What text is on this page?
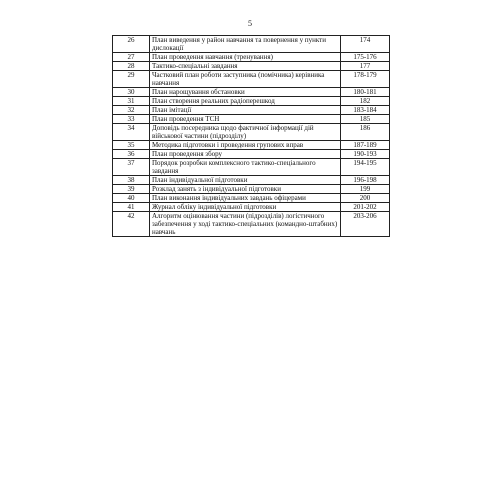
5
26	План виведення у район навчання та повернення у пункти дислокації	174
27	План проведення навчання (тренування)	175-176
28	Тактико-спеціальні завдання	177
29	Частковий план роботи заступника (помічника) керівника навчання	178-179
30	План нарощування обстановки	180-181
31	План створення реальних радіоперешкод	182
32	План імітації	183-184
33	План проведення ТСН	185
34	Доповідь посередника щодо фактичної інформації дій військової частини (підрозділу)	186
35	Методика підготовки і проведення групових вправ	187-189
36	План проведення збору	190-193
37	Порядок розробки комплексного тактико-спеціального завдання	194-195
38	План індивідуальної підготовки	196-198
39	Розклад занять з індивідуальної підготовки	199
40	План виконання індивідуальних завдань офіцерами	200
41	Журнал обліку індивідуальної підготовки	201-202
42	Алгоритм оцінювання частини (підрозділів) логістичного забезпечення у ході тактико-спеціальних (командно-штабних) навчань	203-206
